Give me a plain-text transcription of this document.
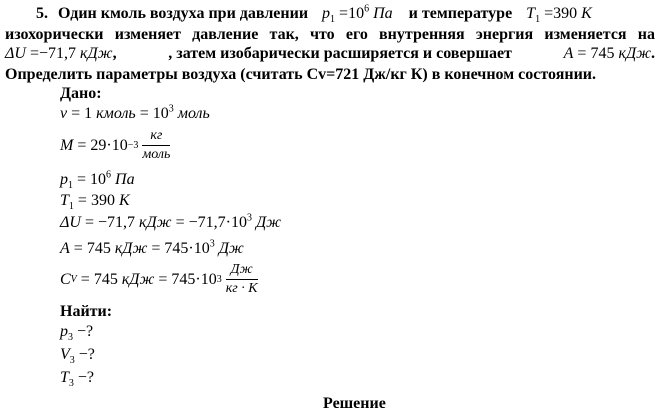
5. Один кмоль воздуха при давлении $p_1 =10^6$ Па и температуре $T_1 =390$ К
изохорически изменяет давление так, что его внутренняя энергия изменяется на
ΔU =−71,7 кДж,	, затем изобарически расширяется и совершает	A = 745 кДж.
Определить параметры воздуха (считать Cv=721 Дж/кг К) в конечном состоянии.
Дано:
ν = 1 кмоль = $10^3$ моль
$M = 29\cdot 10 -3 \frac{кг}{\text{моль}}$
$p_1 = 10^6$ Па
$T_1 = 390$ К
ΔU = −71,7 кДж = $-71,7\cdot 10^3$ Дж
A = 745 кДж = $745\cdot 10^3$ Дж
C V = 745
кДж = 745·10 $3 \frac{Дж}{кг \cdot К}$
Найти:
$p_3$ −?
$V_3$ −?
$T_3$ −?
Решение
